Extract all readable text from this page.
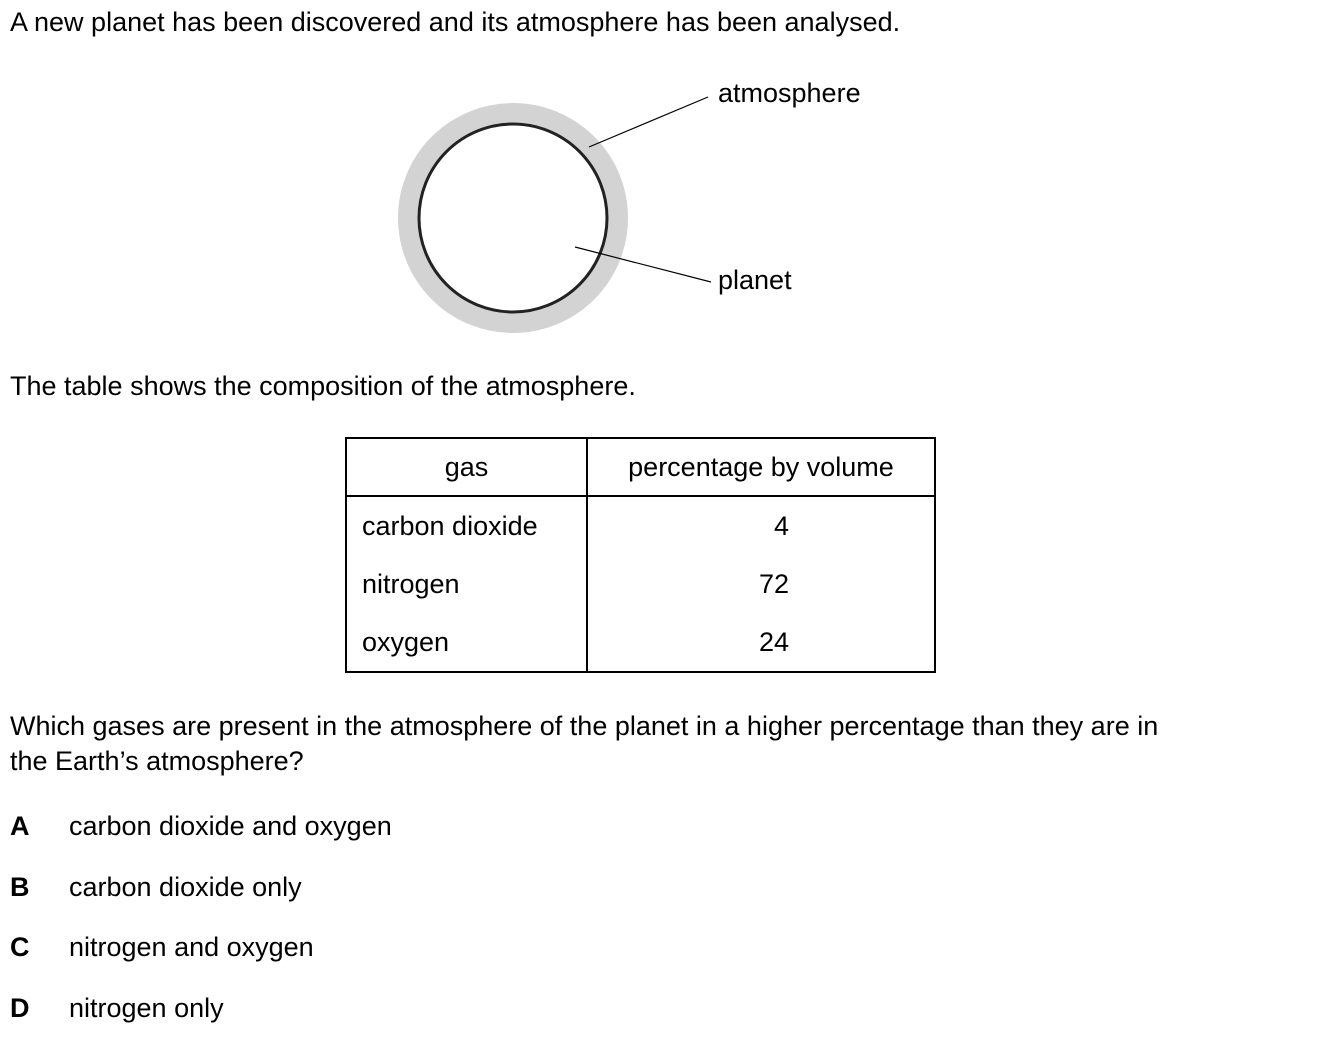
A new planet has been discovered and its atmosphere has been analysed.
atmosphere
planet
The table shows the composition of the atmosphere.
gas	percentage by volume
carbon dioxide	4
nitrogen	72
oxygen	24
Which gases are present in the atmosphere of the planet in a higher percentage than they are in
the Earth’s atmosphere?
A carbon dioxide and oxygen
B carbon dioxide only
C nitrogen and oxygen
D nitrogen only
